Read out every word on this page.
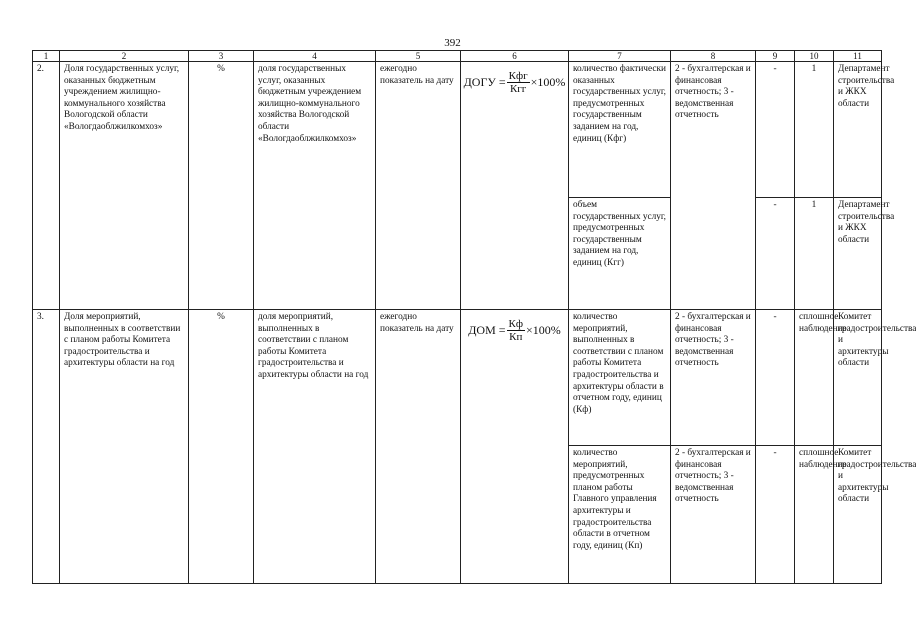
392
1	2	3	4	5	6	7	8	9	10	11
2.	Доля государственных услуг, оказанных бюджетным учреждением жилищно-коммунального хозяйства Вологодской области «Вологдаоблжилкомхоз»	%	доля государственных услуг, оказанных бюджетным учреждением жилищно-коммунального хозяйства Вологодской области «Вологдаоблжилкомхоз»	ежегодно показатель на дату	ДОГУ = $\frac{\text{Кфг}}{\text{Кгг}} \times 100\%$	количество фактически оказанных государственных услуг, предусмотренных государственным заданием на год, единиц (Кфг)	2 - бухгалтерская и финансовая отчетность; 3 - ведомственная отчетность	-	1	Департамент строительства и ЖКХ области
						объем государственных услуг, предусмотренных государственным заданием на год, единиц (Кгг)		-	1	Департамент строительства и ЖКХ области
3.	Доля мероприятий, выполненных в соответствии с планом работы Комитета градостроительства и архитектуры области на год	%	доля мероприятий, выполненных в соответствии с планом работы Комитета градостроительства и архитектуры области на год	ежегодно показатель на дату	ДОМ = $\frac{Кф}{Кп} \times 100\%$	количество мероприятий, выполненных в соответствии с планом работы Комитета градостроительства и архитектуры области в отчетном году, единиц (Кф)	2 - бухгалтерская и финансовая отчетность; 3 - ведомственная отчетность	-	сплошное наблюдение	Комитет градостроительства и архитектуры области
						количество мероприятий, предусмотренных планом работы Главного управления архитектуры и градостроительства области в отчетном году, единиц (Кп)	2 - бухгалтерская и финансовая отчетность; 3 - ведомственная отчетность	-	сплошное наблюдение	Комитет градостроительства и архитектуры области
